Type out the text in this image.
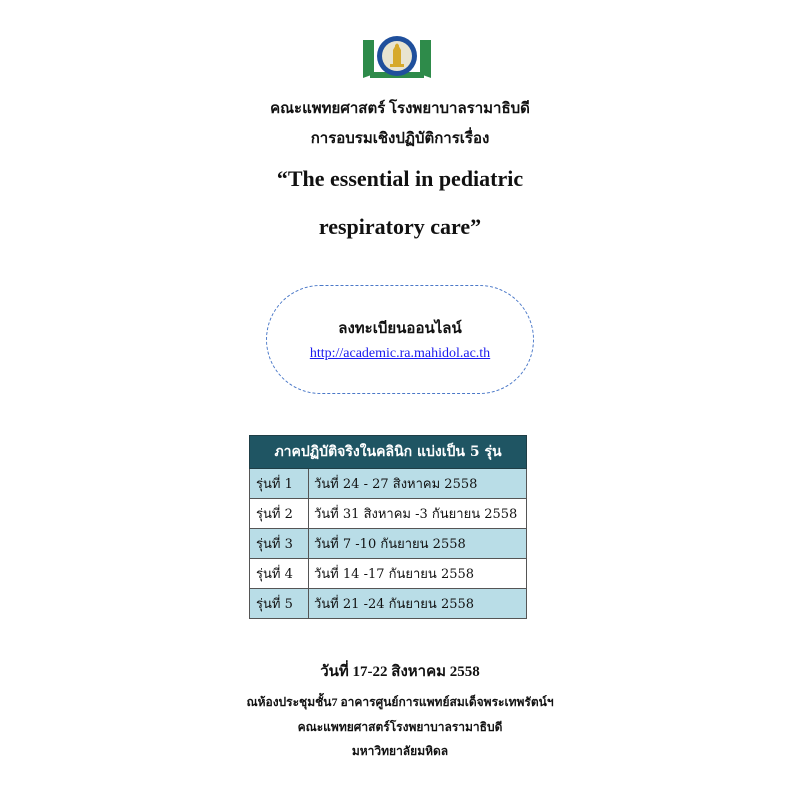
คณะแพทยศาสตร์ โรงพยาบาลรามาธิบดี
การอบรมเชิงปฏิบัติการเรื่อง
“The essential in pediatric
respiratory care”
ลงทะเบียนออนไลน์
http://academic.ra.mahidol.ac.th
ภาคปฏิบัติจริงในคลินิก แบ่งเป็น 5 รุ่น	
รุ่นที่ 1	วันที่ 24 - 27 สิงหาคม 2558
รุ่นที่ 2	วันที่ 31 สิงหาคม -3 กันยายน 2558
รุ่นที่ 3	วันที่ 7 -10 กันยายน 2558
รุ่นที่ 4	วันที่ 14 -17 กันยายน 2558
รุ่นที่ 5	วันที่ 21 -24 กันยายน 2558
วันที่ 17-22 สิงหาคม 2558
ณห้องประชุมชั้น7 อาคารศูนย์การแพทย์สมเด็จพระเทพรัตน์ฯ
คณะแพทยศาสตร์โรงพยาบาลรามาธิบดี
มหาวิทยาลัยมหิดล
